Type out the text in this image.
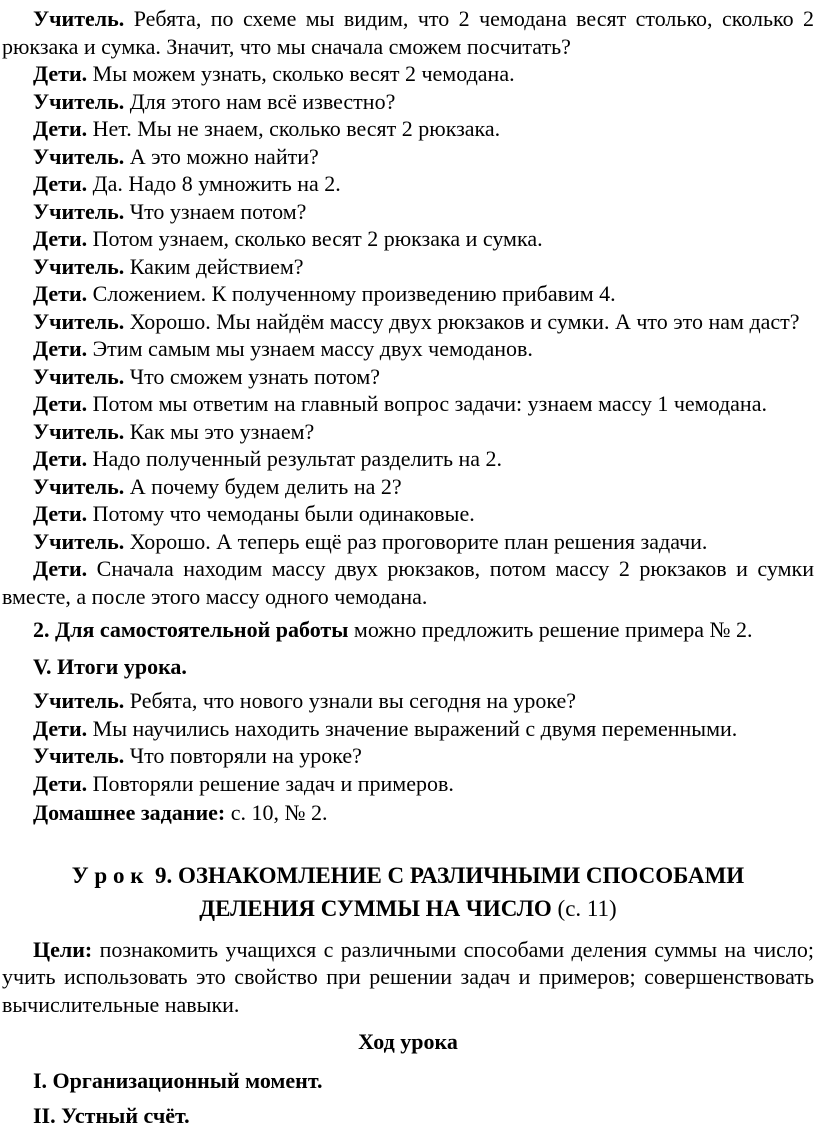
Учитель. Ребята, по схеме мы видим, что 2 чемодана весят столько, сколько 2 рюкзака и сумка. Значит, что мы сначала сможем посчитать?

Дети. Мы можем узнать, сколько весят 2 чемодана.

Учитель. Для этого нам всё известно?

Дети. Нет. Мы не знаем, сколько весят 2 рюкзака.

Учитель. А это можно найти?

Дети. Да. Надо 8 умножить на 2.

Учитель. Что узнаем потом?

Дети. Потом узнаем, сколько весят 2 рюкзака и сумка.

Учитель. Каким действием?

Дети. Сложением. К полученному произведению прибавим 4.

Учитель. Хорошо. Мы найдём массу двух рюкзаков и сумки. А что это нам даст?

Дети. Этим самым мы узнаем массу двух чемоданов.

Учитель. Что сможем узнать потом?

Дети. Потом мы ответим на главный вопрос задачи: узнаем массу 1 чемодана.

Учитель. Как мы это узнаем?

Дети. Надо полученный результат разделить на 2.

Учитель. А почему будем делить на 2?

Дети. Потому что чемоданы были одинаковые.

Учитель. Хорошо. А теперь ещё раз проговорите план решения задачи.

Дети. Сначала находим массу двух рюкзаков, потом массу 2 рюкзаков и сумки вместе, а после этого массу одного чемодана.

2. Для самостоятельной работы можно предложить решение примера № 2.

V. Итоги урока.

Учитель. Ребята, что нового узнали вы сегодня на уроке?

Дети. Мы научились находить значение выражений с двумя переменными.

Учитель. Что повторяли на уроке?

Дети. Повторяли решение задач и примеров.

Домашнее задание: с. 10, № 2.

У р о к  9. ОЗНАКОМЛЕНИЕ С РАЗЛИЧНЫМИ СПОСОБАМИ
ДЕЛЕНИЯ СУММЫ НА ЧИСЛО (с. 11)

Цели: познакомить учащихся с различными способами деления суммы на число; учить использовать это свойство при решении задач и примеров; совершенствовать вычислительные навыки.

Ход урока

I. Организационный момент.

II. Устный счёт.
